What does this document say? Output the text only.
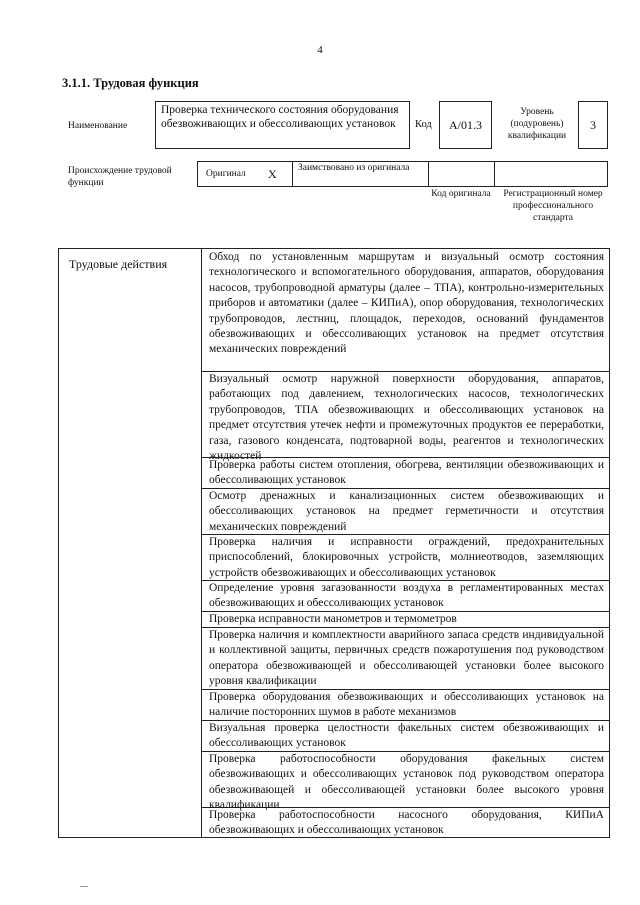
4
3.1.1. Трудовая функция
Наименование
Проверка технического состояния оборудования обезвоживающих и обессоливающих установок	Код	А/01.3
Уровень (подуровень) квалификации
3
Происхождение трудовой функции
Оригинал X Заимствовано из оригинала
Код оригинала	Регистрационный номер профессионального стандарта
Трудовые действия	Обход по установленным маршрутам и визуальный осмотр состояния технологического и вспомогательного оборудования, аппаратов, оборудования насосов, трубопроводной арматуры (далее – ТПА), контрольно-измерительных приборов и автоматики (далее – КИПиА), опор оборудования, технологических трубопроводов, лестниц, площадок, переходов, оснований фундаментов обезвоживающих и обессоливающих установок на предмет отсутствия механических повреждений
Визуальный осмотр наружной поверхности оборудования, аппаратов, работающих под давлением, технологических насосов, технологических трубопроводов, ТПА обезвоживающих и обессоливающих установок на предмет отсутствия утечек нефти и промежуточных продуктов ее переработки, газа, газового конденсата, подтоварной воды, реагентов и технологических жидкостей
Проверка работы систем отопления, обогрева, вентиляции обезвоживающих и обессоливающих установок
Осмотр дренажных и канализационных систем обезвоживающих и обессоливающих установок на предмет герметичности и отсутствия механических повреждений
Проверка наличия и исправности ограждений, предохранительных приспособлений, блокировочных устройств, молниеотводов, заземляющих устройств обезвоживающих и обессоливающих установок
Определение уровня загазованности воздуха в регламентированных местах обезвоживающих и обессоливающих установок
Проверка исправности манометров и термометров
Проверка наличия и комплектности аварийного запаса средств индивидуальной и коллективной защиты, первичных средств пожаротушения под руководством оператора обезвоживающей и обессоливающей установки более высокого уровня квалификации
Проверка оборудования обезвоживающих и обессоливающих установок на наличие посторонних шумов в работе механизмов
Визуальная проверка целостности факельных систем обезвоживающих и обессоливающих установок
Проверка работоспособности оборудования факельных систем обезвоживающих и обессоливающих установок под руководством оператора обезвоживающей и обессоливающей установки более высокого уровня квалификации
Проверка работоспособности насосного оборудования, КИПиА обезвоживающих и обессоливающих установок
